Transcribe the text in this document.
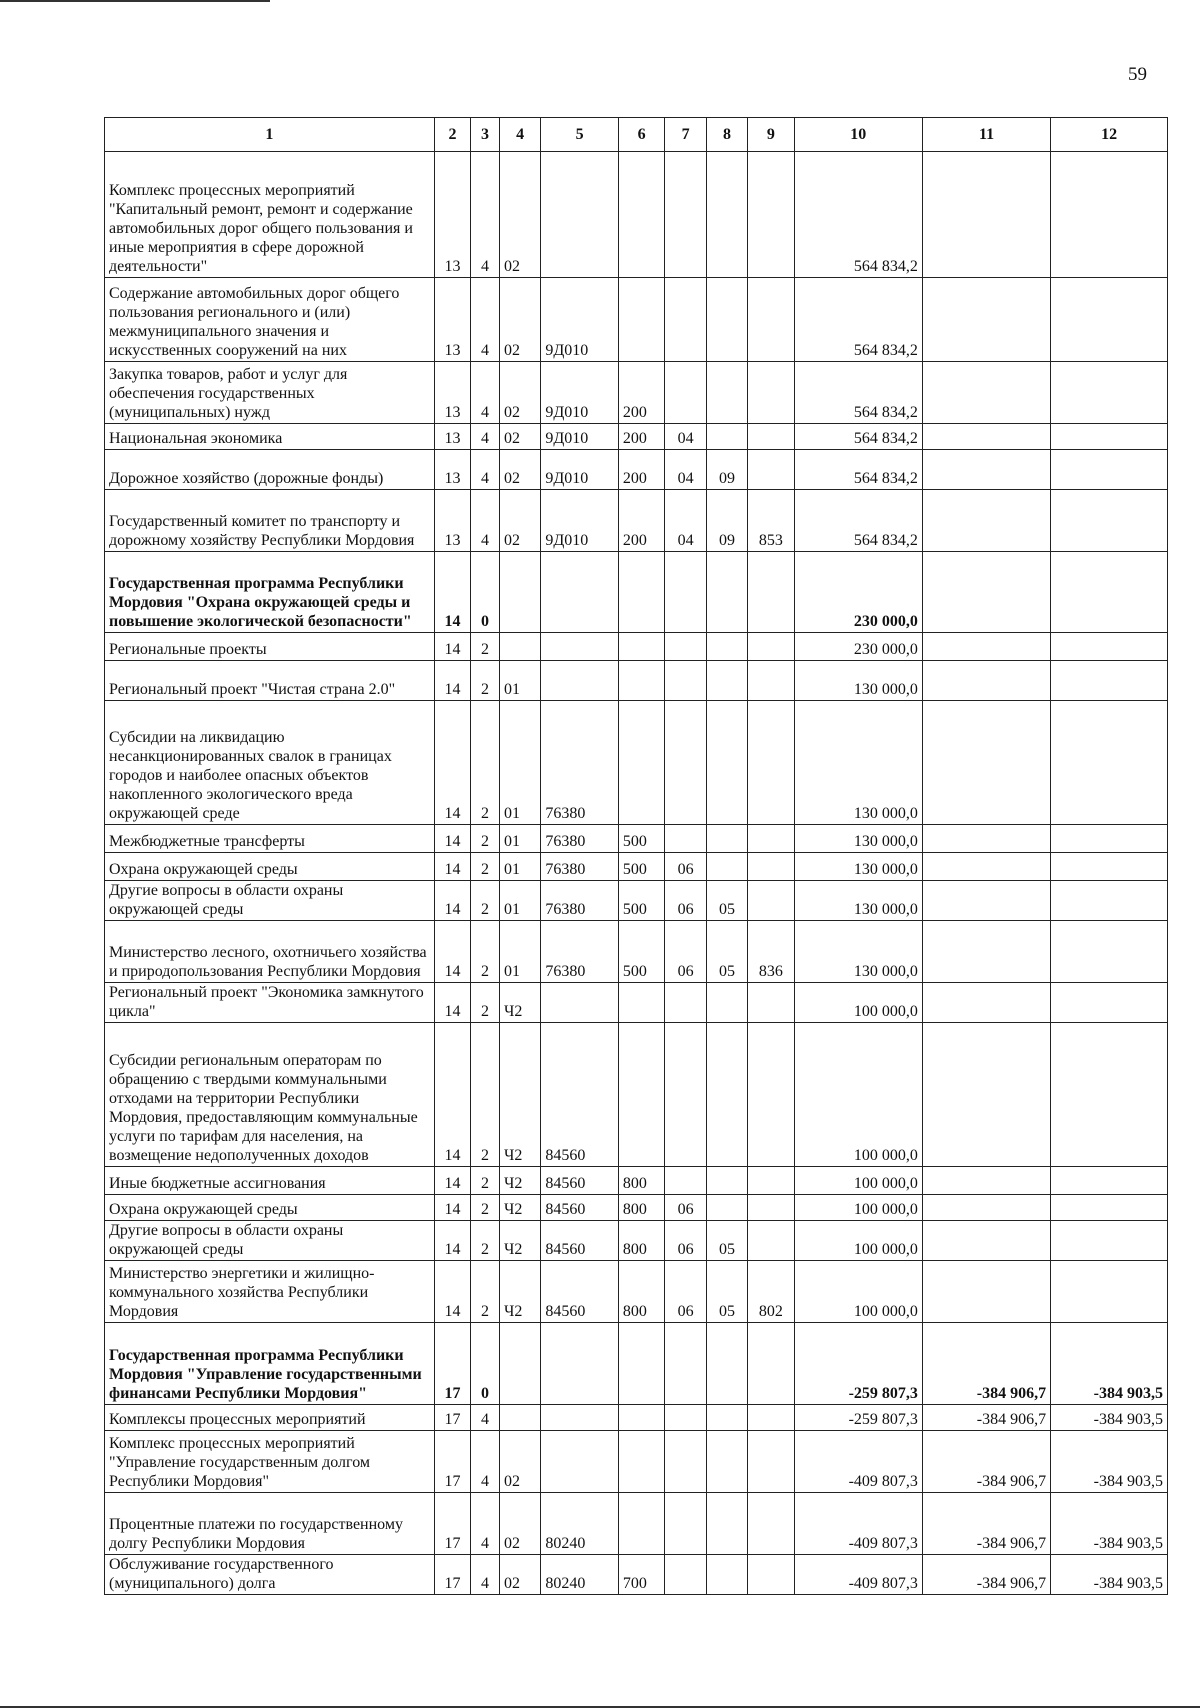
59
1	2	3	4	5	6	7	8	9	10	11	12
Комплекс процессных мероприятий "Капитальный ремонт, ремонт и содержание автомобильных дорог общего пользования и иные мероприятия в сфере дорожной деятельности"	13	4	02						564 834,2		
Содержание автомобильных дорог общего пользования регионального и (или) межмуниципального значения и искусственных сооружений на них	13	4	02	9Д010					564 834,2		
Закупка товаров, работ и услуг для обеспечения государственных (муниципальных) нужд	13	4	02	9Д010	200				564 834,2		
Национальная экономика	13	4	02	9Д010	200	04			564 834,2		
Дорожное хозяйство (дорожные фонды)	13	4	02	9Д010	200	04	09		564 834,2		
Государственный комитет по транспорту и дорожному хозяйству Республики Мордовия	13	4	02	9Д010	200	04	09	853	564 834,2		
Государственная программа Республики Мордовия "Охрана окружающей среды и повышение экологической безопасности"	14	0							230 000,0		
Региональные проекты	14	2							230 000,0		
Региональный проект "Чистая страна 2.0"	14	2	01						130 000,0		
Субсидии на ликвидацию несанкционированных свалок в границах городов и наиболее опасных объектов накопленного экологического вреда окружающей среде	14	2	01	76380					130 000,0		
Межбюджетные трансферты	14	2	01	76380	500				130 000,0		
Охрана окружающей среды	14	2	01	76380	500	06			130 000,0		
Другие вопросы в области охраны окружающей среды	14	2	01	76380	500	06	05		130 000,0		
Министерство лесного, охотничьего хозяйства и природопользования Республики Мордовия	14	2	01	76380	500	06	05	836	130 000,0		
Региональный проект "Экономика замкнутого цикла"	14	2	Ч2						100 000,0		
Субсидии региональным операторам по обращению с твердыми коммунальными отходами на территории Республики Мордовия, предоставляющим коммунальные услуги по тарифам для населения, на возмещение недополученных доходов	14	2	Ч2	84560					100 000,0		
Иные бюджетные ассигнования	14	2	Ч2	84560	800				100 000,0		
Охрана окружающей среды	14	2	Ч2	84560	800	06			100 000,0		
Другие вопросы в области охраны окружающей среды	14	2	Ч2	84560	800	06	05		100 000,0		
Министерство энергетики и жилищно-коммунального хозяйства Республики Мордовия	14	2	Ч2	84560	800	06	05	802	100 000,0		
Государственная программа Республики Мордовия "Управление государственными финансами Республики Мордовия"	17	0							-259 807,3	-384 906,7	-384 903,5
Комплексы процессных мероприятий	17	4							-259 807,3	-384 906,7	-384 903,5
Комплекс процессных мероприятий "Управление государственным долгом Республики Мордовия"	17	4	02						-409 807,3	-384 906,7	-384 903,5
Процентные платежи по государственному долгу Республики Мордовия	17	4	02	80240					-409 807,3	-384 906,7	-384 903,5
Обслуживание государственного (муниципального) долга	17	4	02	80240	700				-409 807,3	-384 906,7	-384 903,5
